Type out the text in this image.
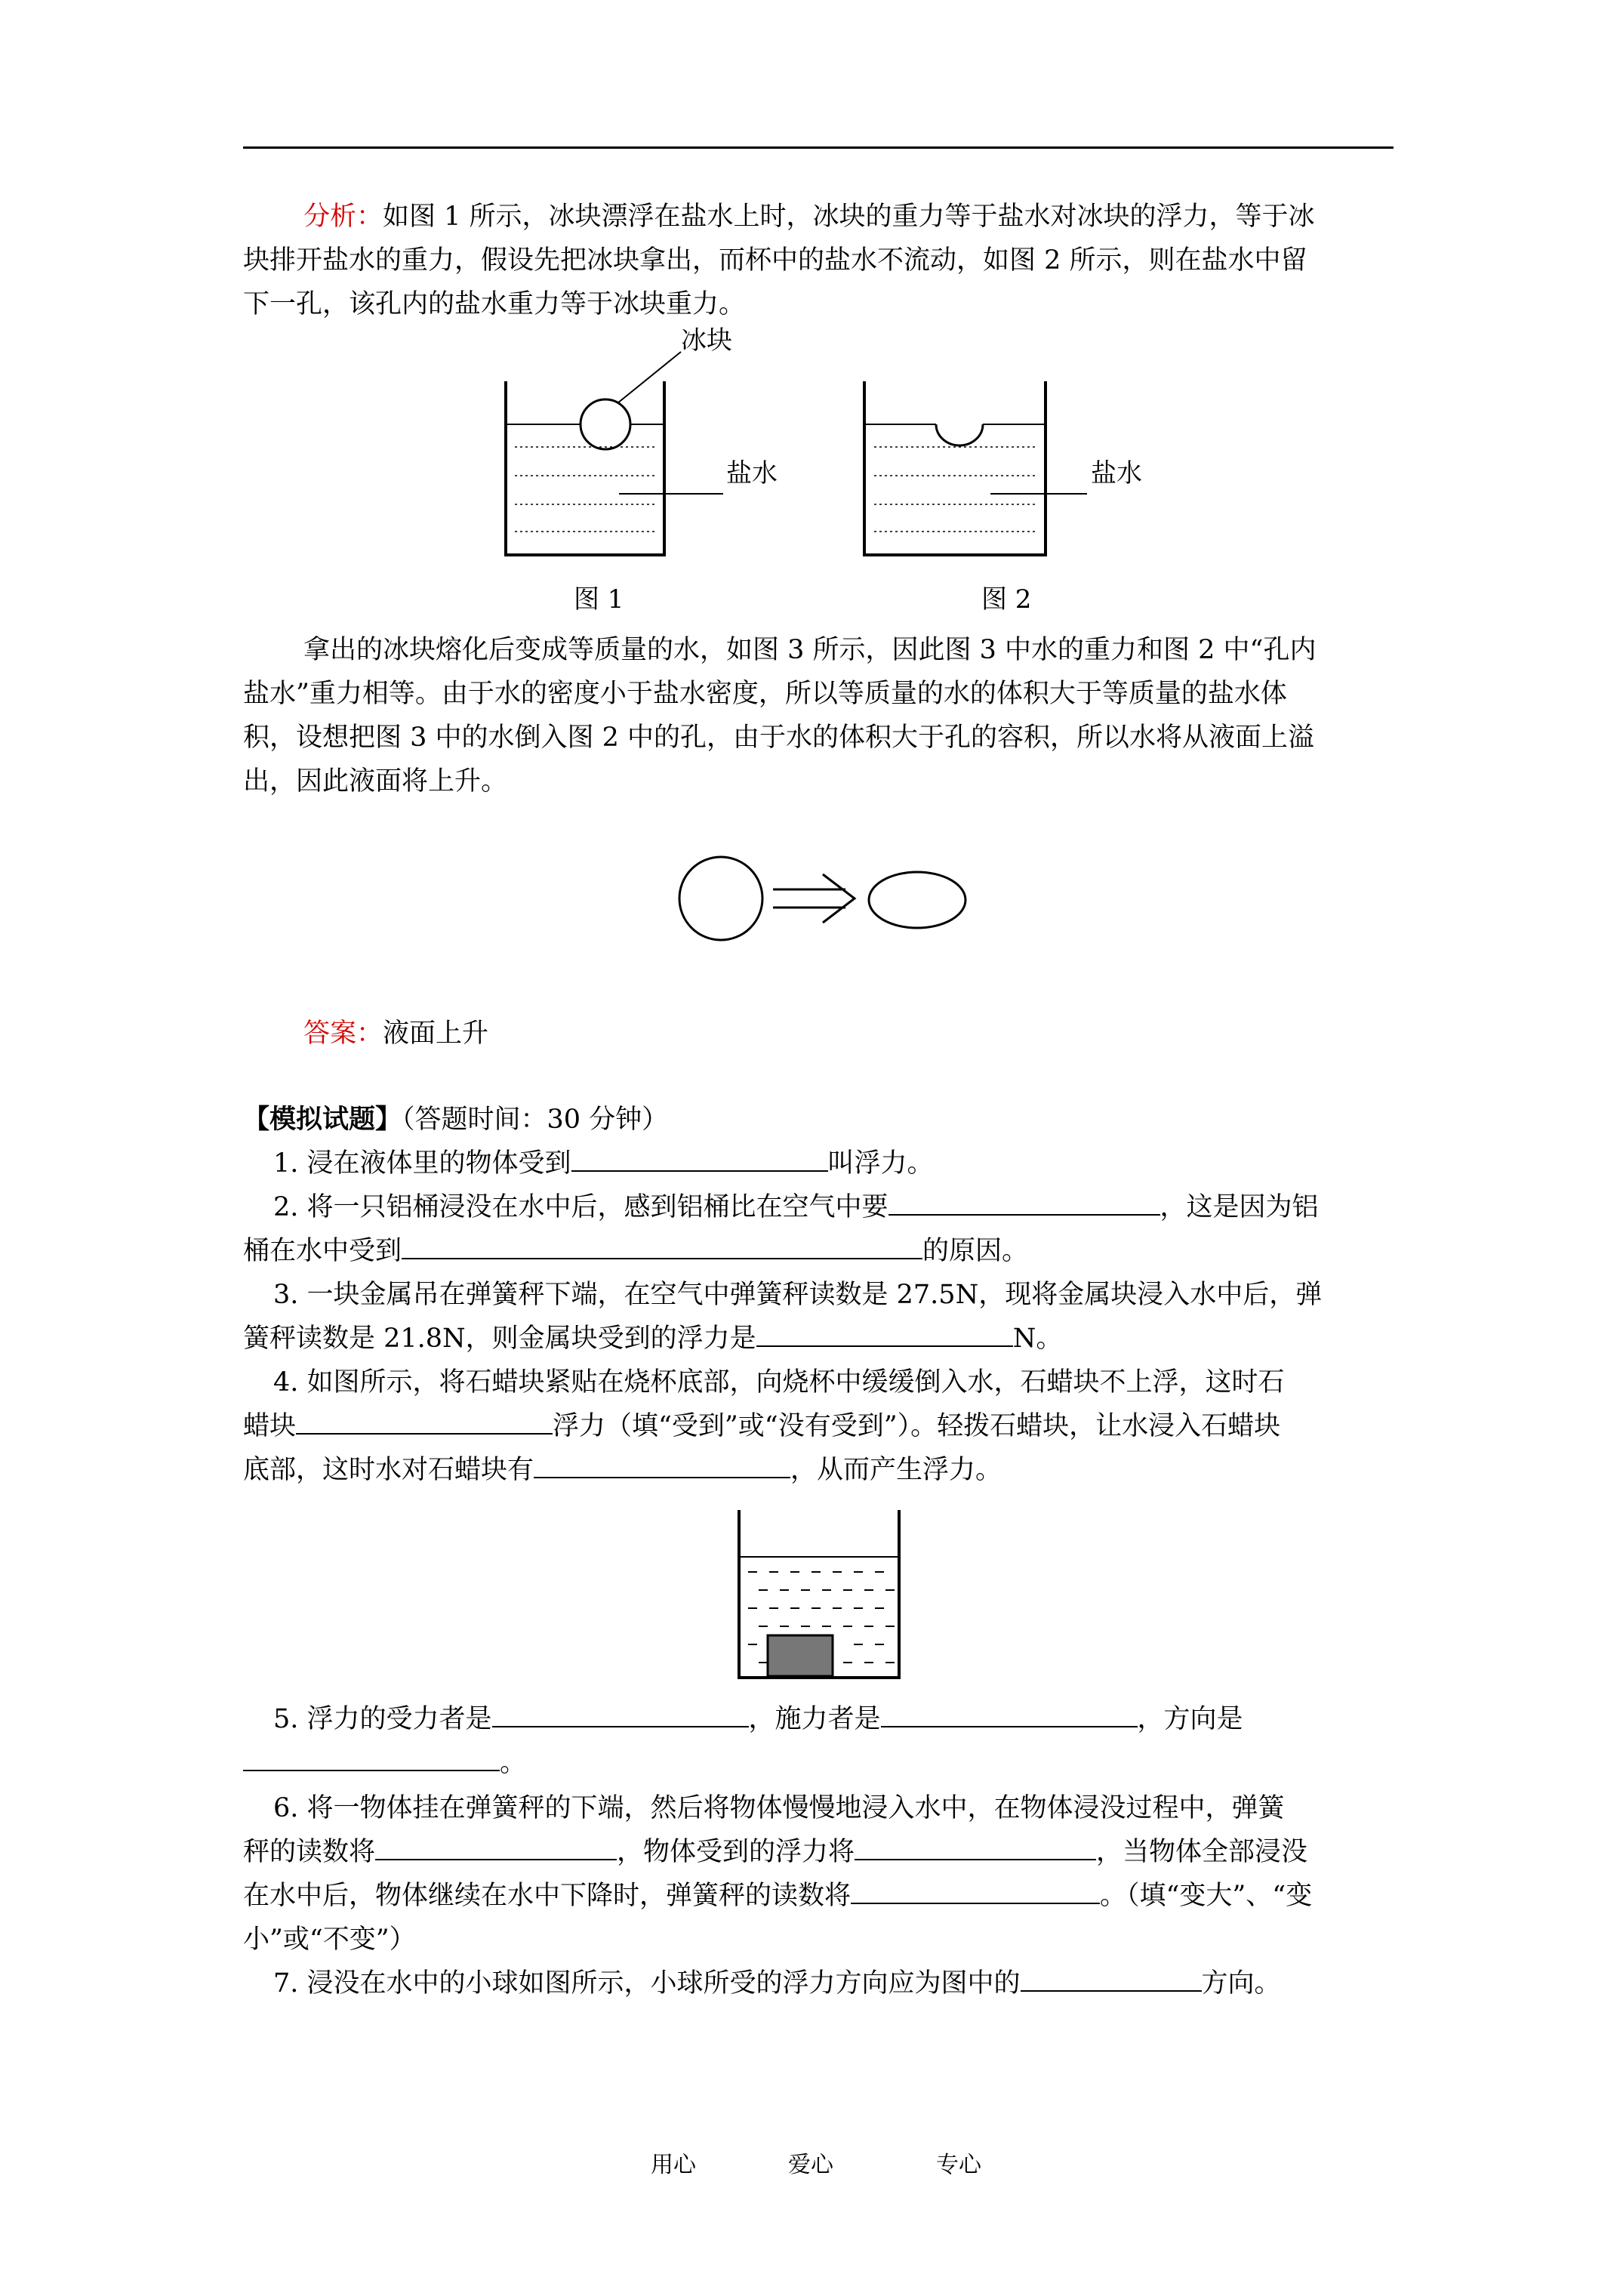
分析：如图 1 所示，冰块漂浮在盐水上时，冰块的重力等于盐水对冰块的浮力，等于冰
块排开盐水的重力，假设先把冰块拿出，而杯中的盐水不流动，如图 2 所示，则在盐水中留
下一孔，该孔内的盐水重力等于冰块重力。

冰块
盐水
图 1
盐水
图 2

拿出的冰块熔化后变成等质量的水，如图 3 所示，因此图 3 中水的重力和图 2 中“孔内
盐水”重力相等。由于水的密度小于盐水密度，所以等质量的水的体积大于等质量的盐水体
积，设想把图 3 中的水倒入图 2 中的孔，由于水的体积大于孔的容积，所以水将从液面上溢
出，因此液面将上升。

答案：液面上升

【模拟试题】（答题时间：30 分钟）

1. 浸在液体里的物体受到	叫浮力。

2. 将一只铝桶浸没在水中后，感到铝桶比在空气中要	，这是因为铝
桶在水中受到	的原因。

3. 一块金属吊在弹簧秤下端，在空气中弹簧秤读数是 27.5N，现将金属块浸入水中后，弹
簧秤读数是 21.8N，则金属块受到的浮力是	N。

4. 如图所示，将石蜡块紧贴在烧杯底部，向烧杯中缓缓倒入水，石蜡块不上浮，这时石
蜡块	浮力（填“受到”或“没有受到”）。轻拨石蜡块，让水浸入石蜡块
底部，这时水对石蜡块有	，从而产生浮力。

5. 浮力的受力者是	，施力者是	，方向是
。

6. 将一物体挂在弹簧秤的下端，然后将物体慢慢地浸入水中，在物体浸没过程中，弹簧
秤的读数将	，物体受到的浮力将	，当物体全部浸没
在水中后，物体继续在水中下降时，弹簧秤的读数将	。（填“变大”、“变
小”或“不变”）

7. 浸没在水中的小球如图所示，小球所受的浮力方向应为图中的	方向。

用心	爱心	专心
